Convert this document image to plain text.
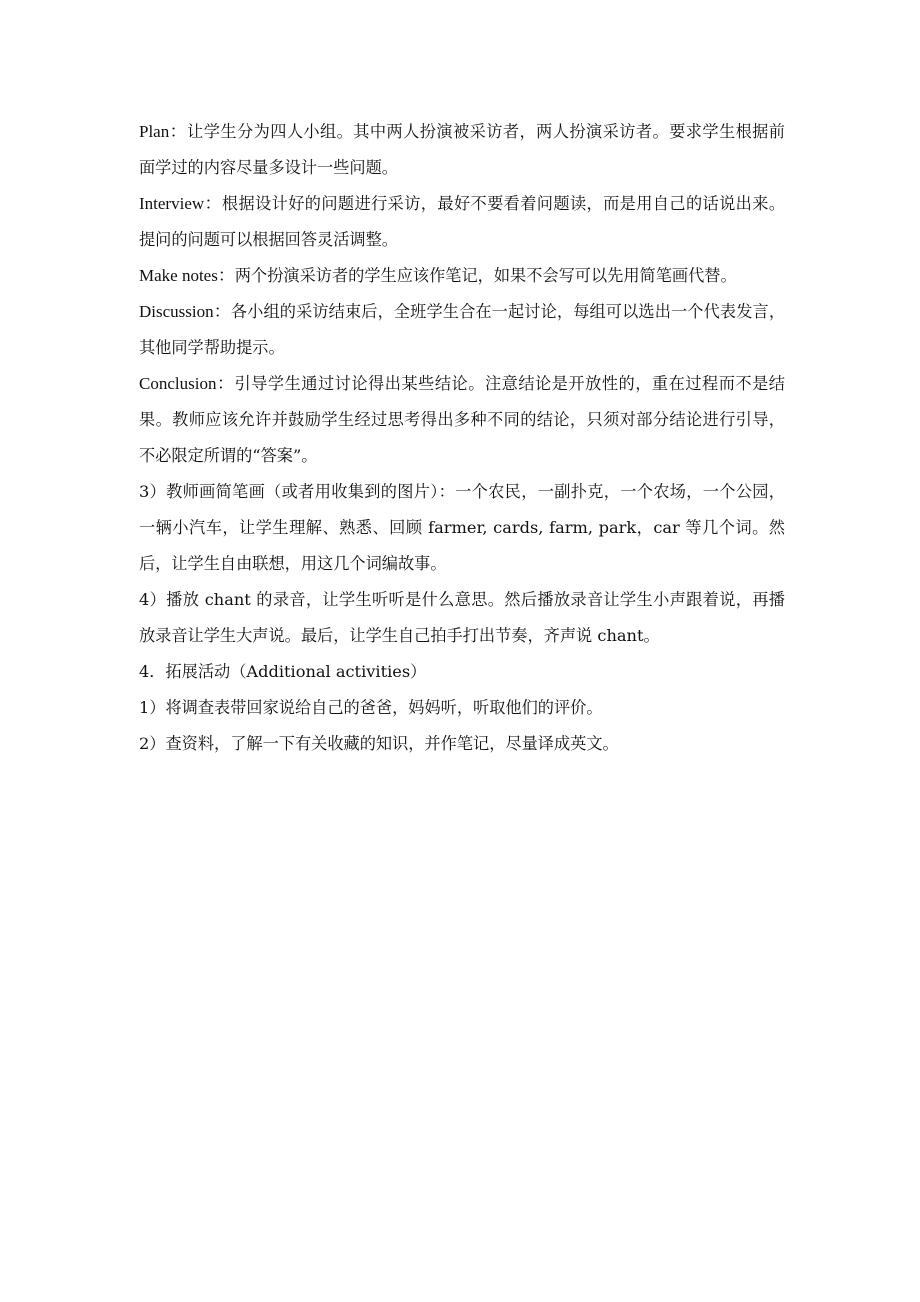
Plan：让学生分为四人小组。其中两人扮演被采访者，两人扮演采访者。要求学生根据前面学过的内容尽量多设计一些问题。

Interview：根据设计好的问题进行采访，最好不要看着问题读，而是用自己的话说出来。提问的问题可以根据回答灵活调整。

Make notes：两个扮演采访者的学生应该作笔记，如果不会写可以先用简笔画代替。

Discussion：各小组的采访结束后，全班学生合在一起讨论，每组可以选出一个代表发言，其他同学帮助提示。

Conclusion：引导学生通过讨论得出某些结论。注意结论是开放性的，重在过程而不是结果。教师应该允许并鼓励学生经过思考得出多种不同的结论，只须对部分结论进行引导，不必限定所谓的“答案”。

3）教师画简笔画（或者用收集到的图片）：一个农民，一副扑克，一个农场，一个公园，一辆小汽车，让学生理解、熟悉、回顾 farmer, cards, farm, park，car 等几个词。然后，让学生自由联想，用这几个词编故事。

4）播放 chant 的录音，让学生听听是什么意思。然后播放录音让学生小声跟着说，再播放录音让学生大声说。最后，让学生自己拍手打出节奏，齐声说 chant。

4．拓展活动（Additional activities）

1）将调查表带回家说给自己的爸爸，妈妈听，听取他们的评价。

2）查资料，了解一下有关收藏的知识，并作笔记，尽量译成英文。
